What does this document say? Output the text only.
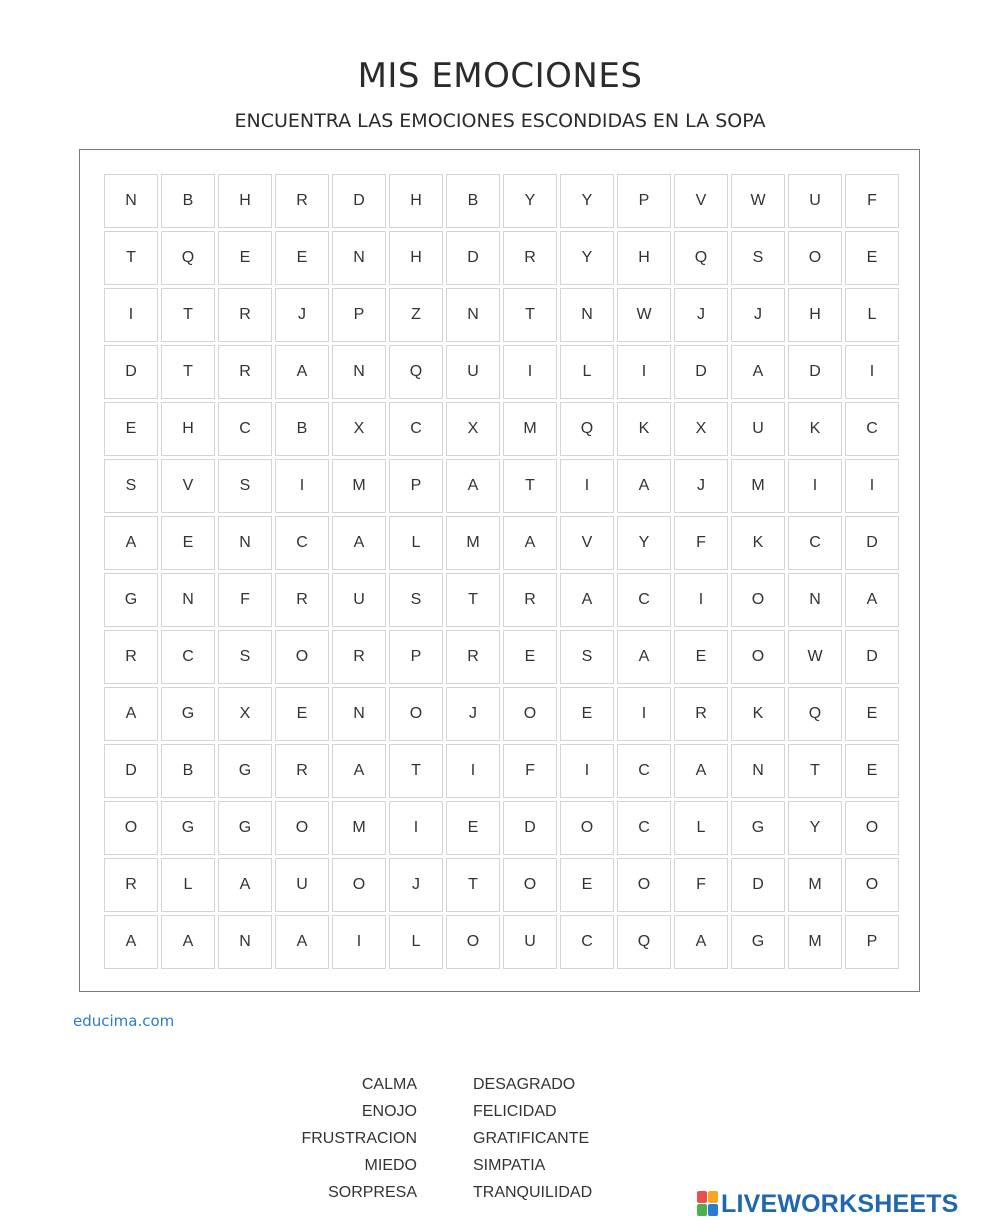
MIS EMOCIONES
ENCUENTRA LAS EMOCIONES ESCONDIDAS EN LA SOPA
N	B	H	R	D	H	B	Y	Y	P	V	W	U	F
T	Q	E	E	N	H	D	R	Y	H	Q	S	O	E
I	T	R	J	P	Z	N	T	N	W	J	J	H	L
D	T	R	A	N	Q	U	I	L	I	D	A	D	I
E	H	C	B	X	C	X	M	Q	K	X	U	K	C
S	V	S	I	M	P	A	T	I	A	J	M	I	I
A	E	N	C	A	L	M	A	V	Y	F	K	C	D
G	N	F	R	U	S	T	R	A	C	I	O	N	A
R	C	S	O	R	P	R	E	S	A	E	O	W	D
A	G	X	E	N	O	J	O	E	I	R	K	Q	E
D	B	G	R	A	T	I	F	I	C	A	N	T	E
O	G	G	O	M	I	E	D	O	C	L	G	Y	O
R	L	A	U	O	J	T	O	E	O	F	D	M	O
A	A	N	A	I	L	O	U	C	Q	A	G	M	P
educima.com
CALMA
ENOJO
FRUSTRACION
MIEDO
SORPRESA
DESAGRADO
FELICIDAD
GRATIFICANTE
SIMPATIA
TRANQUILIDAD	LIVEWORKSHEETS
